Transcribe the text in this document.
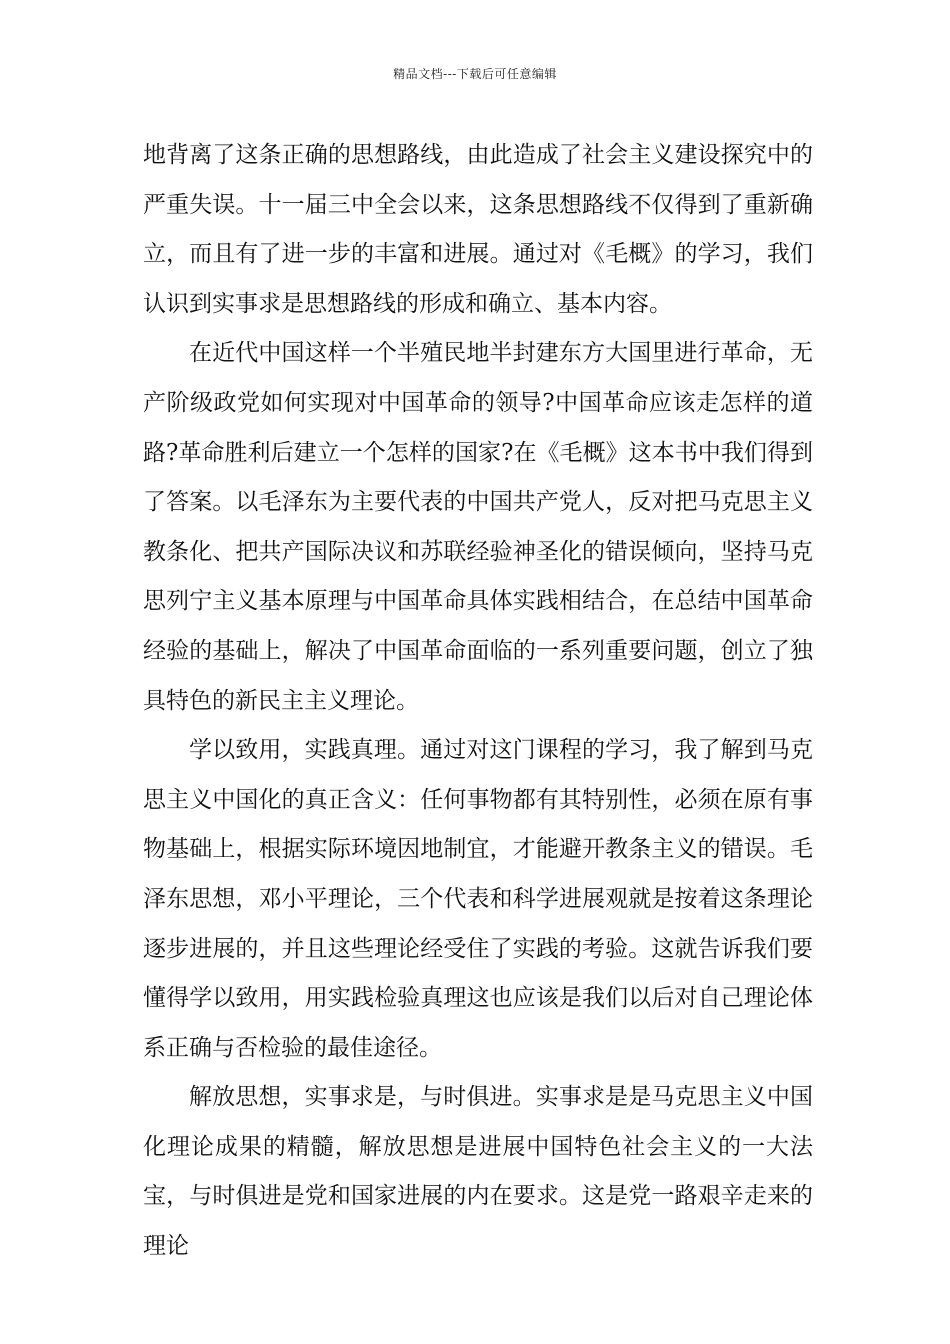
精品文档---下载后可任意编辑

地背离了这条正确的思想路线，由此造成了社会主义建设探究中的严重失误。十一届三中全会以来，这条思想路线不仅得到了重新确立，而且有了进一步的丰富和进展。通过对《毛概》的学习，我们认识到实事求是思想路线的形成和确立、基本内容。

在近代中国这样一个半殖民地半封建东方大国里进行革命，无产阶级政党如何实现对中国革命的领导?中国革命应该走怎样的道路?革命胜利后建立一个怎样的国家?在《毛概》这本书中我们得到了答案。以毛泽东为主要代表的中国共产党人，反对把马克思主义教条化、把共产国际决议和苏联经验神圣化的错误倾向，坚持马克思列宁主义基本原理与中国革命具体实践相结合，在总结中国革命经验的基础上，解决了中国革命面临的一系列重要问题，创立了独具特色的新民主主义理论。

学以致用，实践真理。通过对这门课程的学习，我了解到马克思主义中国化的真正含义：任何事物都有其特别性，必须在原有事物基础上，根据实际环境因地制宜，才能避开教条主义的错误。毛泽东思想，邓小平理论，三个代表和科学进展观就是按着这条理论逐步进展的，并且这些理论经受住了实践的考验。这就告诉我们要懂得学以致用，用实践检验真理这也应该是我们以后对自己理论体系正确与否检验的最佳途径。

解放思想，实事求是，与时俱进。实事求是是马克思主义中国化理论成果的精髓，解放思想是进展中国特色社会主义的一大法宝，与时俱进是党和国家进展的内在要求。这是党一路艰辛走来的理论
